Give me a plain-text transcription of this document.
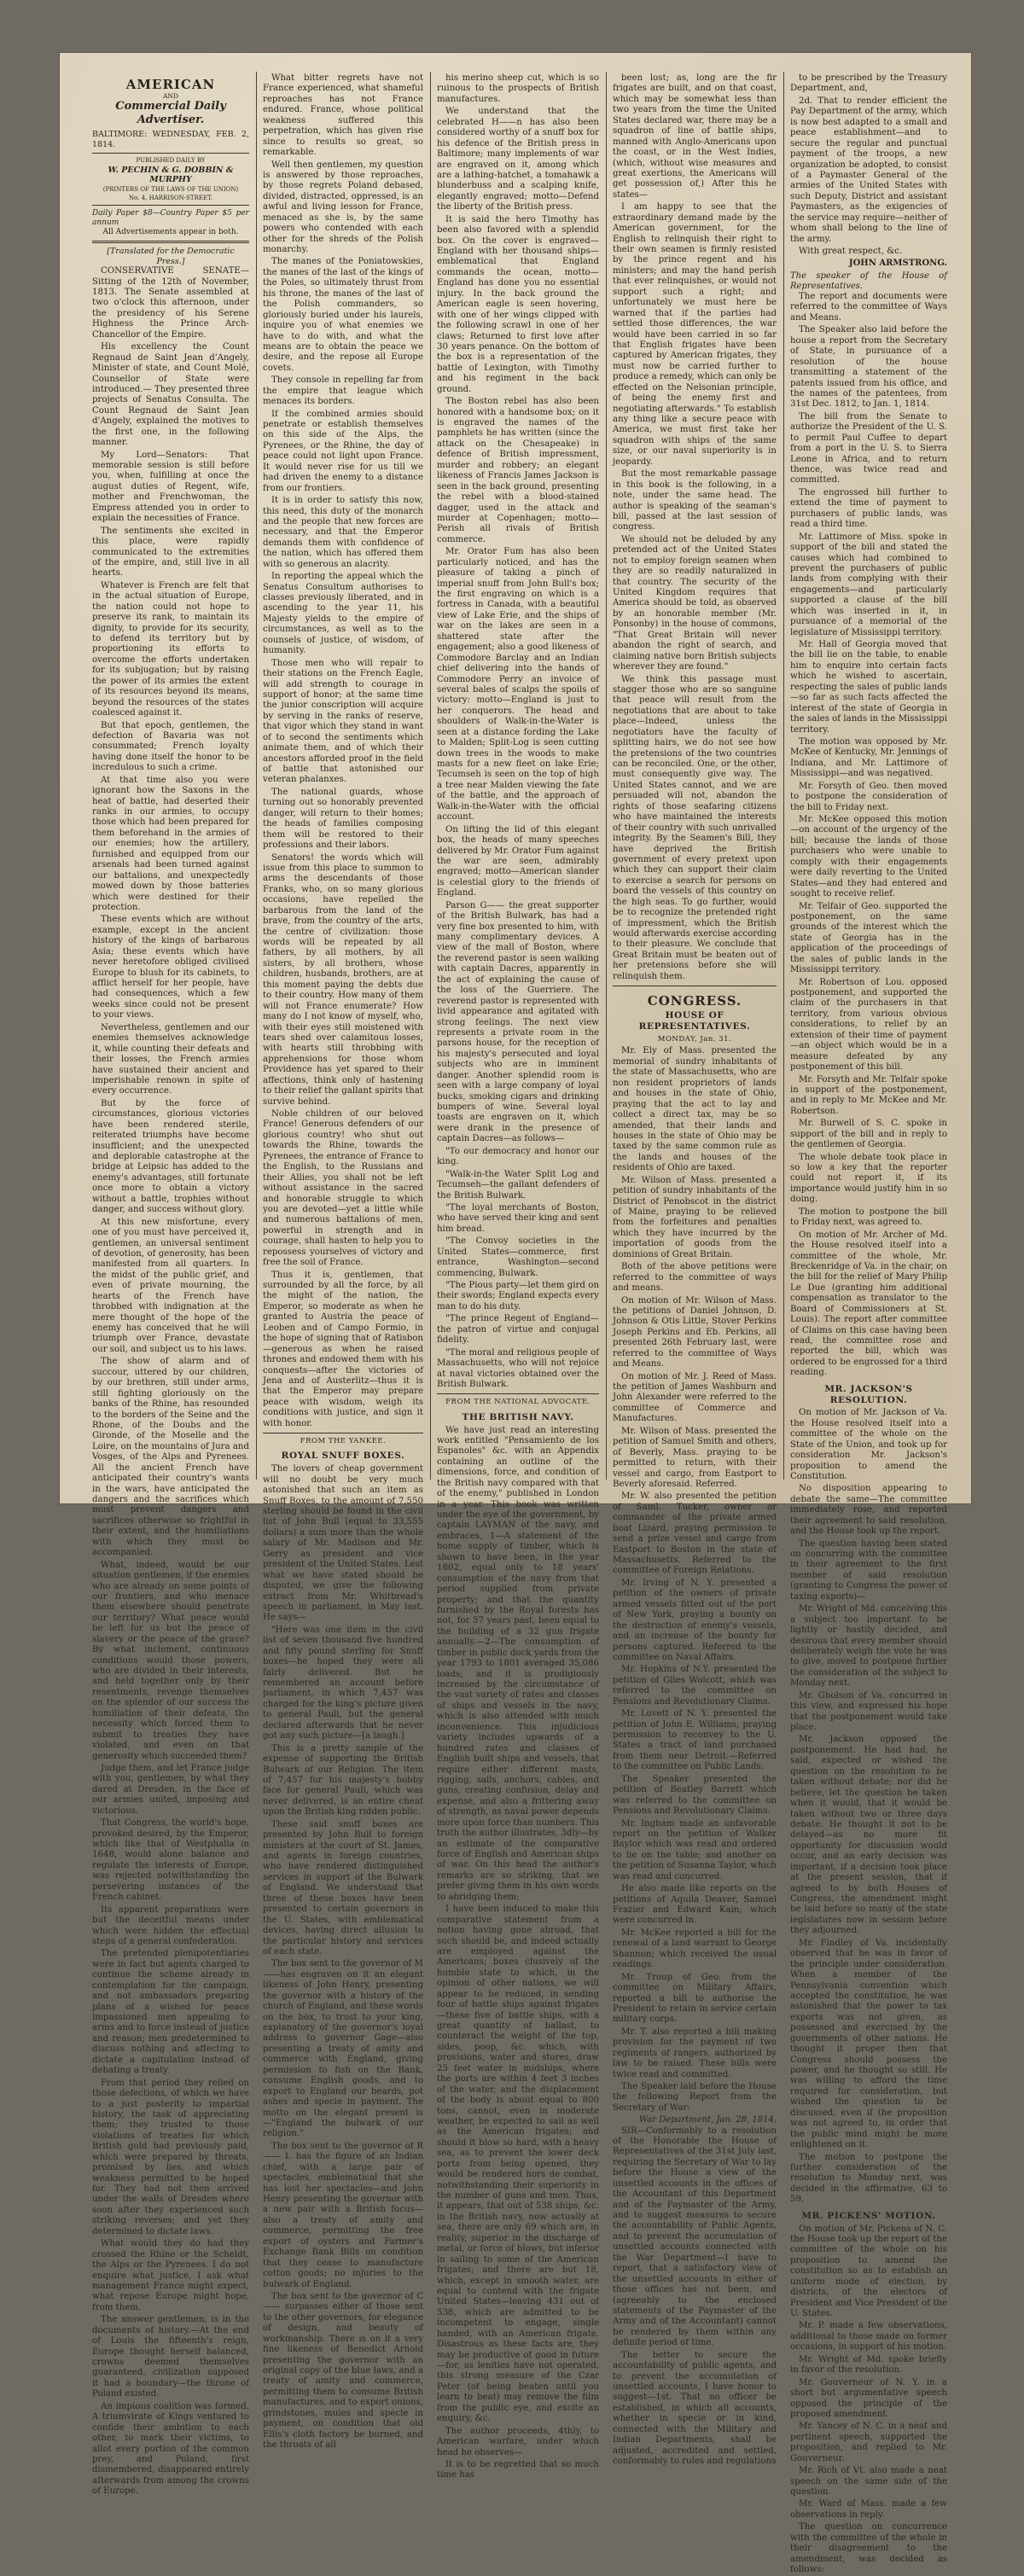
AMERICAN
AND
Commercial Daily Advertiser.
BALTIMORE: WEDNESDAY, FEB. 2, 1814.
PUBLISHED DAILY BY
W. PECHIN & G. DOBBIN & MURPHY
(PRINTERS OF THE LAWS OF THE UNION)
No. 4, HARRISON-STREET.
Daily Paper $8—Country Paper $5 per annum
All Advertisements appear in both.
[Translated for the Democratic Press.]

CONSERVATIVE SENATE—Sitting of the 12th of November, 1813. The Senate assembled at two o'clock this afternoon, under the presidency of his Serene Highness the Prince Arch-Chancellor of the Empire.

His excellency the Count Regnaud de Saint Jean d'Angely, Minister of state, and Count Molé, Counsellor of State were introduced.— They presented three projects of Senatus Consulta. The Count Regnaud de Saint Jean d'Angely, explained the motives to the first one, in the following manner.

My Lord—Senators: That memorable session is still before you, when, fulfilling at once the august duties of Regent, wife, mother and Frenchwoman, the Empress attended you in order to explain the necessities of France.

The sentiments she excited in this place, were rapidly communicated to the extremities of the empire, and, still live in all hearts.

Whatever is French are felt that in the actual situation of Europe, the nation could not hope to preserve its rank, to maintain its dignity, to provide for its security, to defend its territory but by proportioning its efforts to overcome the efforts undertaken for its subjugation; but by raising the power of its armies the extent of its resources beyond its means, beyond the resources of the states coalesced against it.

But that epoch, gentlemen, the defection of Bavaria was not consummated; French loyalty having done itself the honor to be incredulous to such a crime.

At that time also you were ignorant how the Saxons in the heat of battle, had deserted their ranks in our armies, to occupy those which had been prepared for them beforehand in the armies of our enemies; how the artillery, furnished and equipped from our arsenals had been turned against our battalions, and unexpectedly mowed down by those batteries which were destined for their protection.

These events which are without example, except in the ancient history of the kings of barbarous Asia; these events which have never heretofore obliged civilised Europe to blush for its cabinets, to afflict herself for her people, have had consequences, which a few weeks since could not be present to your views.

Nevertheless, gentlemen and our enemies themselves acknowledge it, while counting their defeats and their losses, the French armies have sustained their ancient and imperishable renown in spite of every occurrence.

But by the force of circumstances, glorious victories have been rendered sterile, reiterated triumphs have become insufficient; and the unexpected and deplorable catastrophe at the bridge at Leipsic has added to the enemy's advantages, still fortunate once more to obtain a victory without a battle, trophies without danger, and success without glory.

At this new misfortune, every one of you must have perceived it, gentlemen, an universal sentiment of devotion, of generosity, has been manifested from all quarters. In the midst of the public grief, and even of private mourning, the hearts of the French have throbbed with indignation at the mere thought of the hope of the enemy has conceived that he will triumph over France, devastate our soil, and subject us to his laws.

The show of alarm and of succour, uttered by our children, by our brethren, still under arms, still fighting gloriously on the banks of the Rhine, has resounded to the borders of the Seine and the Rhone, of the Doubs and the Gironde, of the Moselle and the Loire, on the mountains of Jura and Vosges, of the Alps and Pyrenees. All the ancient French have anticipated their country's wants in the wars, have anticipated the dangers and the sacrifices which must prevent dangers and sacrifices otherwise so frightful in their extent, and the humiliations with which they must be accompanied.

What, indeed, would be our situation gentlemen, if the enemies who are already on some points of our frontiers, and who menace them elsewhere should penetrate our territory? What peace would be left for us but the peace of slavery or the peace of the grave? By what inclement, continuous conditions would those powers, who are divided in their interests, and held together only by their resentments, revenge themselves on the splendor of our success the humiliation of their defeats, the necessity which forced them to submit to treaties they have violated, and even on that generosity which succeeded them?

Judge them, and let France judge with you, gentlemen, by what they dared at Dresden, in the face of our armies united, imposing and victorious.

That Congress, the world's hope, provoked desired, by the Emperor, which like that of Westphalia in 1648, would alone balance and regulate the interests of Europe, was rejected notwithstanding the persevering instances of the French cabinet.

Its apparent preparations were but the deceitful means under which were hidden the effectual steps of a general confederation.

The pretended plenipotentiaries were in fact but agents charged to continue the scheme already in contemplation for the campaign, and not ambassadors preparing plans of a wished for peace impassioned men appealing to arms and to force instead of justice and reason; men predetermined to discuss nothing and affecting to dictate a capitulation instead of debating a treaty.

From that period they relied on those defections, of which we have to a just posterity to impartial history, the task of appreciating them; they trusted to those violations of treaties for which British gold had previously paid, which were prepared by threats, promised by lies, and which weakness permitted to be hoped for. They had not then arrived under the walls of Dresden where soon after they experienced such striking reverses; and yet they determined to dictate laws.

What would they do had they crossed the Rhine or the Scheldt, the Alps or the Pyrenees. I do not enquire what justice, I ask what management France might expect, what repose Europe might hope, from them.

The answer gentlemen, is in the documents of history.—At the end of Louis the fifteenth's reign, Europe thought herself balanced, crowns deemed themselves guaranteed, civilization supposed it had a boundary—the throne of Poland existed.

An impious coalition was formed. A triumvirate of Kings ventured to confide their ambition to each other, to mark their victims, to allot every portion of the common prey, and Poland, first dismembered, disappeared entirely afterwards from among the crowns of Europe.

What bitter regrets have not France experienced, what shameful reproaches has not France endured. France, whose political weakness suffered this perpetration, which has given rise since to results so great, so remarkable.

Well then gentlemen, my question is answered by those reproaches, by those regrets Poland debased, divided, distracted, oppressed, is an awful and living lesson for France, menaced as she is, by the same powers who contended with each other for the shreds of the Polish monarchy.

The manes of the Poniatowskies, the manes of the last of the kings of the Poles, so ultimately thrust from his throne, the manes of the last of the Polish commanders, so gloriously buried under his laurels, inquire you of what enemies we have to do with, and what the means are to obtain the peace we desire, and the repose all Europe covets.

They console in repelling far from the empire that league which menaces its borders.

If the combined armies should penetrate or establish themselves on this side of the Alps, the Pyrenees, or the Rhine, the day of peace could not light upon France. It would never rise for us till we had driven the enemy to a distance from our frontiers.

It is in order to satisfy this now, this need, this duty of the monarch and the people that new forces are necessary, and that the Emperor demands them with confidence of the nation, which has offered them with so generous an alacrity.

In reporting the appeal which the Senatus Consultum authorises to classes previously liberated, and in ascending to the year 11, his Majesty yields to the empire of circumstances, as well as to the counsels of justice, of wisdom, of humanity.

Those men who will repair to their stations on the French Eagle, will add strength to courage in support of honor; at the same time the junior conscription will acquire by serving in the ranks of reserve, that vigor which they stand in want of to second the sentiments which animate them, and of which their ancestors afforded proof in the field of battle that astonished our veteran phalanxes.

The national guards, whose turning out so honorably prevented danger, will return to their homes; the heads of families composing them will be restored to their professions and their labors.

Senators! the words which will issue from this place to summon to arms the descendants of those Franks, who, on so many glorious occasions, have repelled the barbarous from the land of the brave, from the country of the arts, the centre of civilization: those words will be repeated by all fathers, by all mothers, by all sisters, by all brothers, whose children, husbands, brothers, are at this moment paying the debts due to their country. How many of them will not France enumerate? How many do I not know of myself, who, with their eyes still moistened with tears shed over calamitous losses, with hearts still throbbing with apprehensions for those whom Providence has yet spared to their affections, think only of hastening to their relief the gallant spirits that survive behind.

Noble children of our beloved France! Generous defenders of our glorious country! who shut out towards the Rhine, towards the Pyrenees, the entrance of France to the English, to the Russians and their Allies, you shall not be left without assistance in the sacred and honorable struggle to which you are devoted—yet a little while and numerous battalions of men, powerful in strength and in courage, shall hasten to help you to repossess yourselves of victory and free the soil of France.

Thus it is, gentlemen, that surrounded by all the force, by all the might of the nation, the Emperor, so moderate as when he granted to Austria the peace of Leoben and of Campo Formio, in the hope of signing that of Ratisbon—generous as when he raised thrones and endowed them with his conquests—after the victories of Jena and of Austerlitz—thus it is that the Emperor may prepare peace with wisdom, weigh its conditions with justice, and sign it with honor.

FROM THE YANKEE.
ROYAL SNUFF BOXES.

The lovers of cheap government will no doubt be very much astonished that such an item as Snuff Boxes, to the amount of 7,550 sterling should be found in the civil list of John Bull (equal to 33,555 dollars) a sum more than the whole salary of Mr. Madison and Mr. Gerry as president and vice president of the United States. Lest what we have stated should be disputed, we give the following extract from Mr. Whitbread's speech in parliament, in May last. He says—

"Here was one item in the civil list of seven thousand five hundred and fifty pound sterling for Snuff boxes—he hoped they were all fairly delivered. But he remembered an account before parliament, in which 7,457 was charged for the king's picture given to general Pauli, but the general declared afterwards that he never got any such picture—[a laugh.]

This is a pretty sample of the expense of supporting the British Bulwark of our Religion. The item of 7,457 for his majesty's bobby face for general Pauli, which was never delivered, is an entire cheat upon the British king ridden public.

These said snuff boxes are presented by John Bull to foreign ministers at the court of St. James, and agents in foreign countries, who have rendered distinguished services in support of the Bulwark of England. We understand that three of these boxes have been presented to certain governors in the U. States, with emblematical devices, having direct allusion to the particular history and services of each state.

The box sent to the governor of M——has engraven on it an elegant likeness of John Henry, presenting the governor with a history of the church of England, and these words on the box, to trust to your king, explanatory of the governor's loyal address to governor Gage—also presenting a treaty of amity and commerce with England, giving permission to fish on the Bank, consume English goods, and to export to England our beards, pot ashes and specie in payment. The motto on the elegant present is—"England the bulwark of our religion."

The box sent to the governor of R—— I. has the figure of an Indian chief, with a large pair of spectacles, emblematical that she has lost her spectacles—and John Henry presenting the governor with a new pair with a British focus—also a treaty of amity and commerce, permitting the free export of oysters and Farmer's Exchange Bank Bills on condition that they cease to manufacture cotton goods; no injuries to the bulwark of England.

The box sent to the governor of C—— surpasses either of those sent to the other governors, for elegance of design, and beauty of workmanship. There is on it a very fine likeness of Benedict Arnold presenting the governor with an original copy of the blue laws, and a treaty of amity and commerce, permitting them to consume British manufactures, and to export onions, grindstones, mules and specie in payment, on condition that old Ellis's cloth factory be burned, and the throats of all

his merino sheep cut, which is so ruinous to the prospects of British manufactures.

We understand that the celebrated H——n has also been considered worthy of a snuff box for his defence of the British press in Baltimore; many implements of war are engraved on it, among which are a lathing-hatchet, a tomahawk a blunderbuss and a scalping knife, elegantly engraved; motto—Defend the liberty of the British press.

It is said the hero Timothy has been also favored with a splendid box. On the cover is engraved—England with her thousand ships—emblematical that England commands the ocean, motto—England has done you no essential injury. In the back ground the American eagle is seen hovering, with one of her wings clipped with the following scrawl in one of her claws; Returned to first love after 30 years penance. On the bottom of the box is a representation of the battle of Lexington, with Timothy and his regiment in the back ground.

The Boston rebel has also been honored with a handsome box; on it is engraved the names of the pamphlets he has written (since the attack on the Chesapeake) in defence of British impressment, murder and robbery; an elegant likeness of Francis James Jackson is seen in the back ground, presenting the rebel with a blood-stained dagger, used in the attack and murder at Copenhagen; motto—Perish all rivals of British commerce.

Mr. Orator Fum has also been particularly noticed, and has the pleasure of taking a pinch of imperial snuff from John Bull's box; the first engraving on which is a fortress in Canada, with a beautiful view of Lake Erie, and the ships of war on the lakes are seen in a shattered state after the engagement; also a good likeness of Commodore Barclay and an Indian chief delivering into the hands of Commodore Perry an invoice of several bales of scalps the spoils of victory: motto—England is just to her conquerors. The head and shoulders of Walk-in-the-Water is seen at a distance fording the Lake to Malden; Split-Log is seen cutting down trees in the woods to make masts for a new fleet on lake Erie; Tecumseh is seen on the top of high a tree near Malden viewing the fate of the battle, and the approach of Walk-in-the-Water with the official account.

On lifting the lid of this elegant box, the heads of many speeches delivered by Mr. Orator Fum against the war are seen, admirably engraved; motto—American slander is celestial glory to the friends of England.

Parson G—— the great supporter of the British Bulwark, has had a very fine box presented to him, with many complimentary devices. A view of the mall of Boston, where the reverend pastor is seen walking with captain Dacres, apparently in the act of explaining the cause of the loss of the Guerriere. The reverend pastor is represented with livid appearance and agitated with strong feelings. The next view represents a private room in the parsons house, for the reception of his majesty's persecuted and loyal subjects who are in imminent danger. Another splendid room is seen with a large company of loyal bucks, smoking cigars and drinking bumpers of wine. Several loyal toasts are engraven on it, which were drank in the presence of captain Dacres—as follows—

"To our democracy and honor our king.

"Walk-in-the Water Split Log and Tecumseh—the gallant defenders of the British Bulwark.

"The loyal merchants of Boston, who have served their king and sent him bread.

"The Convoy societies in the United States—commerce, first entrance, Washington—second commencing, Bulwark.

"The Pious party—let them gird on their swords; England expects every man to do his duty.

"The prince Regent of England—the patron of virtue and conjugal fidelity.

"The moral and religious people of Massachusetts, who will not rejoice at naval victories obtained over the British Bulwark.

FROM THE NATIONAL ADVOCATE.
THE BRITISH NAVY.

We have just read an interesting work entitled "Pensamiento de los Espanoles" &c. with an Appendix containing an outline of the dimensions, force, and condition of the British navy compared with that of the enemy," published in London in a year. This book was written under the eye of the government, by captain LAYMAN of the navy, and embraces, 1—A statement of the home supply of timber, which is shown to have been, in the year 1802, equal only to 18 years' consumption of the navy from that period supplied from private property; and that the quantity furnished by the Royal forests has not, for 57 years past, been equal to the building of a 32 gun frigate annually.—2—The consumption of timber in public dock yards from the year 1793 to 1801 averaged 35,086 loads; and it is prodigiously increased by the circumstance of the vast variety of rates and classes of ships and vessels in the navy, which is also attended with much inconvenience. This injudicious variety includes upwards of a hundred rates and classes of English built ships and vessels, that require either different masts, rigging, sails, anchors, cables, and guns, creating confusion, delay and expense, and also a frittering away of strength, as naval power depends more upon force than numbers. This truth the author illustrates, 3dly—by an estimate of the comparative force of English and American ships of war. On this head the author's remarks are so striking, that we prefer giving them in his own words to abridging them;

I have been induced to make this comparative statement from a notion having gone abroad, that such should be, and indeed actually are employed against the Americans; boxes clusively of the humble state to which, in the opinion of other nations, we will appear to be reduced, in sending four of battle ships against frigates—these five of battle ships, with a great quantity of ballast, to counteract the weight of the top, sides, poop, &c. which, with provisions, water and stores, draw 25 feet water in midships, where the ports are within 4 feet 3 inches of the water, and the displacement of the body is about equal to 800 tons, cannot, even in moderate weather, be expected to sail as well as the American frigates; and should it blow so hard, with a heavy sea, as to prevent the lower deck ports from being opened, they would be rendered hors de combat, notwithstanding their superiority in the number of guns and men. Thus, it appears, that out of 538 ships, &c. in the British navy, now actually at sea, there are only 69 which are, in reality, superior in the discharge of metal, or force of blows, but inferior in sailing to some of the American frigates; and there are but 18, which, except in smooth water, are equal to contend with the frigate United States—leaving 431 out of 538, which are admitted to be incompetent to engage, single handed, with an American frigate. Disastrous as these facts are, they may be productive of good in future—for, as lenities have not operated, this strong measure of the Czar Peter (of being beaten until you learn to beat) may remove the film from the public eye, and excite an enquiry, &c.

The author proceeds, 4thly, to American warfare, under which head he observes—

It is to be regretted that so much time has

been lost; as, long are the fir frigates are built, and on that coast, which may be somewhat less than two years from the time the United States declared war, there may be a squadron of line of battle ships, manned with Anglo-Americans upon the coast, or in the West Indies, (which, without wise measures and great exertions, the Americans will get possession of,) After this he states—

I am happy to see that the extraordinary demand made by the American government, for the English to relinquish their right to their own seamen is firmly resisted by the prince regent and his ministers; and may the hand perish that ever relinquishes, or would not support such a right; and unfortunately we must here be warned that if the parties had settled those differences, the war would have been carried in so far that English frigates have been captured by American frigates, they must now be carried further to produce a remedy, which can only be effected on the Nelsonian principle, of being the enemy first and negotiating afterwards." To establish any thing like a secure peace with America, we must first take her squadron with ships of the same size, or our naval superiority is in jeopardy.

But the most remarkable passage in this book is the following, in a note, under the same head. The author is speaking of the seaman's bill, passed at the last session of congress.

We should not be deluded by any pretended act of the United States not to employ foreign seamen when they are so readily naturalized in that country. The security of the United Kingdom requires that America should be told, as observed by an honorable member (Mr. Ponsonby) in the house of commons, "That Great Britain will never abandon the right of search, and claiming native born British subjects wherever they are found."

We think this passage must stagger those who are so sanguine that peace will result from the negotiations that are about to take place—Indeed, unless the negotiators have the faculty of splitting hairs, we do not see how the pretensions of the two countries can be reconciled. One, or the other, must consequently give way. The United States cannot, and we are persuaded will not, abandon the rights of those seafaring citizens who have maintained the interests of their country with such unrivalled integrity. By the Seamen's Bill, they have deprived the British government of every pretext upon which they can support their claim to exercise a search for persons on board the vessels of this country on the high seas. To go further, would be to recognize the pretended right of impressment, which the British would afterwards exercise according to their pleasure. We conclude that Great Britain must be beaten out of her pretensions before she will relinquish them.

CONGRESS.
HOUSE OF REPRESENTATIVES.
MONDAY, Jan. 31.

Mr. Ely of Mass. presented the memorial of sundry inhabitants of the state of Massachusetts, who are non resident proprietors of lands and houses in the state of Ohio, praying that the act to lay and collect a direct tax, may be so amended, that their lands and houses in the state of Ohio may be taxed by the same common rule as the lands and houses of the residents of Ohio are taxed.

Mr. Wilson of Mass. presented a petition of sundry inhabitants of the District of Penobscot in the district of Maine, praying to be relieved from the forfeitures and penalties which they have incurred by the importation of goods from the dominions of Great Britain.

Both of the above petitions were referred to the committee of ways and means.

On motion of Mr. Wilson of Mass. the petitions of Daniel Johnson, D. Johnson & Otis Little, Stover Perkins Joseph Perkins and Eb. Perkins, all presented 26th February last, were referred to the committee of Ways and Means.

On motion of Mr. J. Reed of Mass. the petition of James Washburn and John Alexander were referred to the committee of Commerce and Manufactures.

Mr. Wilson of Mass. presented the petition of Samuel Smith and others, of Beverly, Mass. praying to be permitted to return, with their vessel and cargo, from Eastport to Beverly aforesaid. Referred.

Mr. W. also presented the petition of Saml. Tucker, owner or commander of the private armed boat Lizard, praying permission to send a prize vessel and cargo from Eastport to Boston in the state of Massachusetts. Referred to the committee of Foreign Relations.

Mr. Irving of N. Y. presented a petition of the owners of private armed vessels fitted out of the port of New York, praying a bounty on the destruction of enemy's vessels, and an increase of the bounty for persons captured. Referred to the committee on Naval Affairs.

Mr. Hopkins of N.Y. presented the petition of Giles Wolcott, which was referred to the committee on Pensions and Revolutionary Claims.

Mr. Lovett of N. Y. presented the petition of John E. Williams, praying permission to reconvey to the U. States a tract of land purchased from them near Detroit.—Referred to the committee on Public Lands.

The Speaker presented the petition of Beatley Barrett which was referred to the committee on Pensions and Revolutionary Claims.

Mr. Ingham made an unfavorable report on the petition of Walker Baylor which was read and ordered to lie on the table; and another on the petition of Susanna Taylor, which was read and concurred.

He also made like reports on the petitions of Aquila Deaver, Samuel Frazier and Edward Kain; which were concurred in.

Mr. McKee reported a bill for the renewal of a land warrant to George Shannon; which received the usual readings.

Mr. Troup of Geo. from the committee on Military Affairs, reported a bill to authorise the President to retain in service certain military corps.

Mr. T. also reported a bill making provision for the payment of two regiments of rangers, authorized by law to be raised. These bills were twice read and committed.

The Speaker laid before the House the following Report from the Secretary of War:

War Department, Jan. 28, 1814.

SIR—Conformably to a resolution of the Honorable the House of Representatives of the 31st July last, requiring the Secretary of War to lay before the House a view of the unsettled accounts in the offices of the Accountant of this Department and of the Paymaster of the Army, and to suggest measures to secure the accountability of Public Agents, and to prevent the accumulation of unsettled accounts connected with the War Department—I have to report, that a satisfactory view of the unsettled accounts in either of those offices has not been, and (agreeably to the enclosed statements of the Paymaster of the Army and of the Accountant) cannot be rendered by them within any definite period of time.

The better to secure the accountability of public agents, and to prevent the accumulation of unsettled accounts, I have honor to suggest—1st. That no officer be established, in which all accounts, whether in specie or in kind, connected with the Military and Indian Departments, shall be adjusted, accredited and settled, conformably to rules and regulations

to be prescribed by the Treasury Department, and,

2d. That to render efficient the Pay Department of the army, which is now best adapted to a small and peace establishment—and to secure the regular and punctual payment of the troops, a new organization be adopted, to consist of a Paymaster General of the armies of the United States with such Deputy, District and assistant Paymasters, as the exigencies of the service may require—neither of whom shall belong to the line of the army.

With great respect, &c.

JOHN ARMSTRONG.
The speaker of the House of Representatives.

The report and documents were referred to the committee of Ways and Means.

The Speaker also laid before the house a report from the Secretary of State, in pursuance of a resolution of the house transmitting a statement of the patents issued from his office, and the names of the patentees, from 31st Dec. 1812, to Jan. 1, 1814.

The bill from the Senate to authorize the President of the U. S. to permit Paul Cuffee to depart from a port in the U. S. to Sierra Leone in Africa, and to return thence, was twice read and committed.

The engrossed bill further to extend the time of payment to purchasers of public lands, was read a third time.

Mr. Lattimore of Miss. spoke in support of the bill and stated the causes which had combined to prevent the purchasers of public lands from complying with their engagements—and particularly supported a clause of the bill which was inserted in it, in pursuance of a memorial of the legislature of Mississippi territory.

Mr. Hall of Georgia moved that the bill lie on the table, to enable him to enquire into certain facts which he wished to ascertain, respecting the sales of public lands—so far as such facts affected the interest of the state of Georgia in the sales of lands in the Mississippi territory.

The motion was opposed by Mr. McKee of Kentucky, Mr. Jennings of Indiana, and Mr. Lattimore of Mississippi—and was negatived.

Mr. Forsyth of Geo. then moved to postpone the consideration of the bill to Friday next.

Mr. McKee opposed this motion—on account of the urgency of the bill; because the lands of those purchasers who were unable to comply with their engagements were daily reverting to the United States—and they had entered and sought to receive relief.

Mr. Telfair of Geo. supported the postponement, on the same grounds of the interest which the state of Georgia has in the application of the proceedings of the sales of public lands in the Mississippi territory.

Mr. Robertson of Lou. opposed postponement, and supported the claim of the purchasers in that territory, from various obvious considerations, to relief by an extension of their time of payment—an object which would be in a measure defeated by any postponement of this bill.

Mr. Forsyth and Mr. Telfair spoke in support of the postponement, and in reply to Mr. McKee and Mr. Robertson.

Mr. Burwell of S. C. spoke in support of the bill and in reply to the gentlemen of Georgia.

The whole debate took place in so low a key that the reporter could not report it, if its importance would justify him in so doing.

The motion to postpone the bill to Friday next, was agreed to.

On motion of Mr. Archer of Md. the House resolved itself into a committee of the whole, Mr. Breckenridge of Va. in the chair, on the bill for the relief of Mary Philip Le Due (granting him additional compensation as translator to the Board of Commissioners at St. Louis). The report after committee of Claims on this case having been read, the committee rose and reported the bill, which was ordered to be engrossed for a third reading.

MR. JACKSON'S RESOLUTION.

On motion of Mr. Jackson of Va. the House resolved itself into a committee of the whole on the State of the Union, and took up for consideration Mr. Jackson's proposition to amend the Constitution.

No disposition appearing to debate the same—The committee immediately rose, and reported their agreement to said resolution, and the House took up the report.

The question having been stated on concurring with the committee in their agreement to the first member of said resolution (granting to Congress the power of taxing exports)—

Mr. Wright of Md. conceiving this a subject too important to be lightly or hastily decided, and desirous that every member should deliberately weigh the vote he was to give, moved to postpone further the consideration of the subject to Monday next.

Mr. Gholson of Va. concurred in this view, and expressed his hope that the postponement would take place.

Mr. Jackson opposed the postponement. He had had, he said, expected or wished the question on the resolution to be taken without debate; nor did he believe, let the question be taken when it would, that it would be taken without two or three days debate. He thought it not to be delayed—as no more fit opportunity for discussion would occur, and an early decision was important, if a decision took place at the present session, that if agreed to by both Houses of Congress, the amendment might be laid before so many of the state legislatures now in session before they adjourned.

Mr. Findley of Va. incidentally observed that he was in favor of the principle under consideration. When a member of the Pennsylvania convention which accepted the constitution, he was astonished that the power to tax exports was not given, as possessed and exercised by the governments of other nations. He thought it proper then that Congress should possess the power, and he thought so still. He was willing to afford the time required for consideration, but wished the question to be discussed, even if the proposition was not agreed to, in order that the public mind might be more enlightened on it.

The motion to postpone the further consideration of the resolution to Monday next, was decided in the affirmative, 63 to 59.

MR. PICKENS' MOTION.

On motion of Mr. Pickens of N. C. the House took up the report of the committee of the whole on his proposition to amend the constitution so as to establish an uniform mode of election, by districts, of the electors of President and Vice President of the U. States.

Mr. P. made a few observations, additional to those made on former occasions, in support of his motion.

Mr. Wright of Md. spoke briefly in favor of the resolution.

Mr. Gouverneur of N. Y. in a short but argumentative speech opposed the principle of the proposed amendment.

Mr. Yancey of N. C. in a neat and pertinent speech, supported the proposition, and replied to Mr. Gouverneur.

Mr. Rich of Vt. also made a neat speech on the same side of the question.

Mr. Ward of Mass. made a few observations in reply.

The question on concurrence with the committee of the whole in their disagreement to the amendment, was decided as follows:
